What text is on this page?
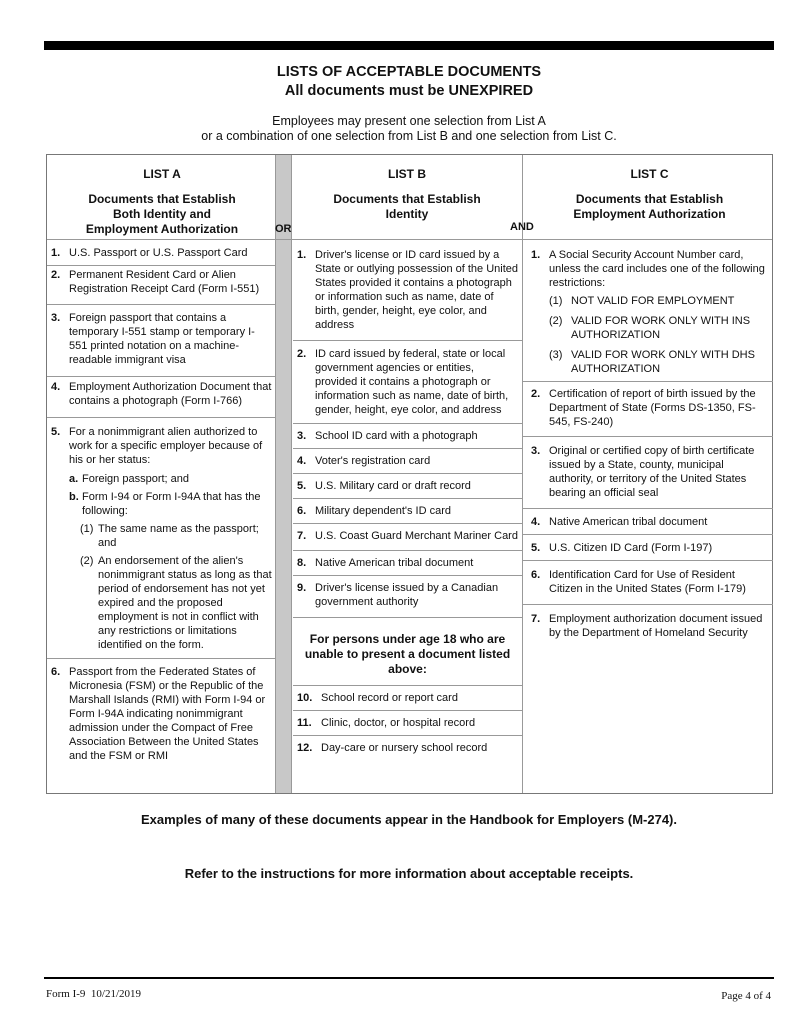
LISTS OF ACCEPTABLE DOCUMENTS
All documents must be UNEXPIRED
Employees may present one selection from List A
or a combination of one selection from List B and one selection from List C.
LIST A
Documents that Establish Both Identity and Employment Authorization
LIST B
Documents that Establish Identity
LIST C
Documents that Establish Employment Authorization
OR	AND
1. U.S. Passport or U.S. Passport Card
2. Permanent Resident Card or Alien Registration Receipt Card (Form I-551)
3. Foreign passport that contains a temporary I-551 stamp or temporary I-551 printed notation on a machine-readable immigrant visa
4. Employment Authorization Document that contains a photograph (Form I-766)
5. For a nonimmigrant alien authorized to work for a specific employer because of his or her status:
a. Foreign passport; and
b. Form I-94 or Form I-94A that has the following:
(1) The same name as the passport; and
(2) An endorsement of the alien's nonimmigrant status as long as that period of endorsement has not yet expired and the proposed employment is not in conflict with any restrictions or limitations identified on the form.
6. Passport from the Federated States of Micronesia (FSM) or the Republic of the Marshall Islands (RMI) with Form I-94 or Form I-94A indicating nonimmigrant admission under the Compact of Free Association Between the United States and the FSM or RMI
1. Driver's license or ID card issued by a State or outlying possession of the United States provided it contains a photograph or information such as name, date of birth, gender, height, eye color, and address
2. ID card issued by federal, state or local government agencies or entities, provided it contains a photograph or information such as name, date of birth, gender, height, eye color, and address
3. School ID card with a photograph
4. Voter's registration card
5. U.S. Military card or draft record
6. Military dependent's ID card
7. U.S. Coast Guard Merchant Mariner Card
8. Native American tribal document
9. Driver's license issued by a Canadian government authority
For persons under age 18 who are unable to present a document listed above:
10. School record or report card
11. Clinic, doctor, or hospital record
12. Day-care or nursery school record
1. A Social Security Account Number card, unless the card includes one of the following restrictions:
(1) NOT VALID FOR EMPLOYMENT
(2) VALID FOR WORK ONLY WITH INS AUTHORIZATION
(3) VALID FOR WORK ONLY WITH DHS AUTHORIZATION
2. Certification of report of birth issued by the Department of State (Forms DS-1350, FS-545, FS-240)
3. Original or certified copy of birth certificate issued by a State, county, municipal authority, or territory of the United States bearing an official seal
4. Native American tribal document
5. U.S. Citizen ID Card (Form I-197)
6. Identification Card for Use of Resident Citizen in the United States (Form I-179)
7. Employment authorization document issued by the Department of Homeland Security
Examples of many of these documents appear in the Handbook for Employers (M-274).
Refer to the instructions for more information about acceptable receipts.
Form I-9  10/21/2019	Page 4 of 4
